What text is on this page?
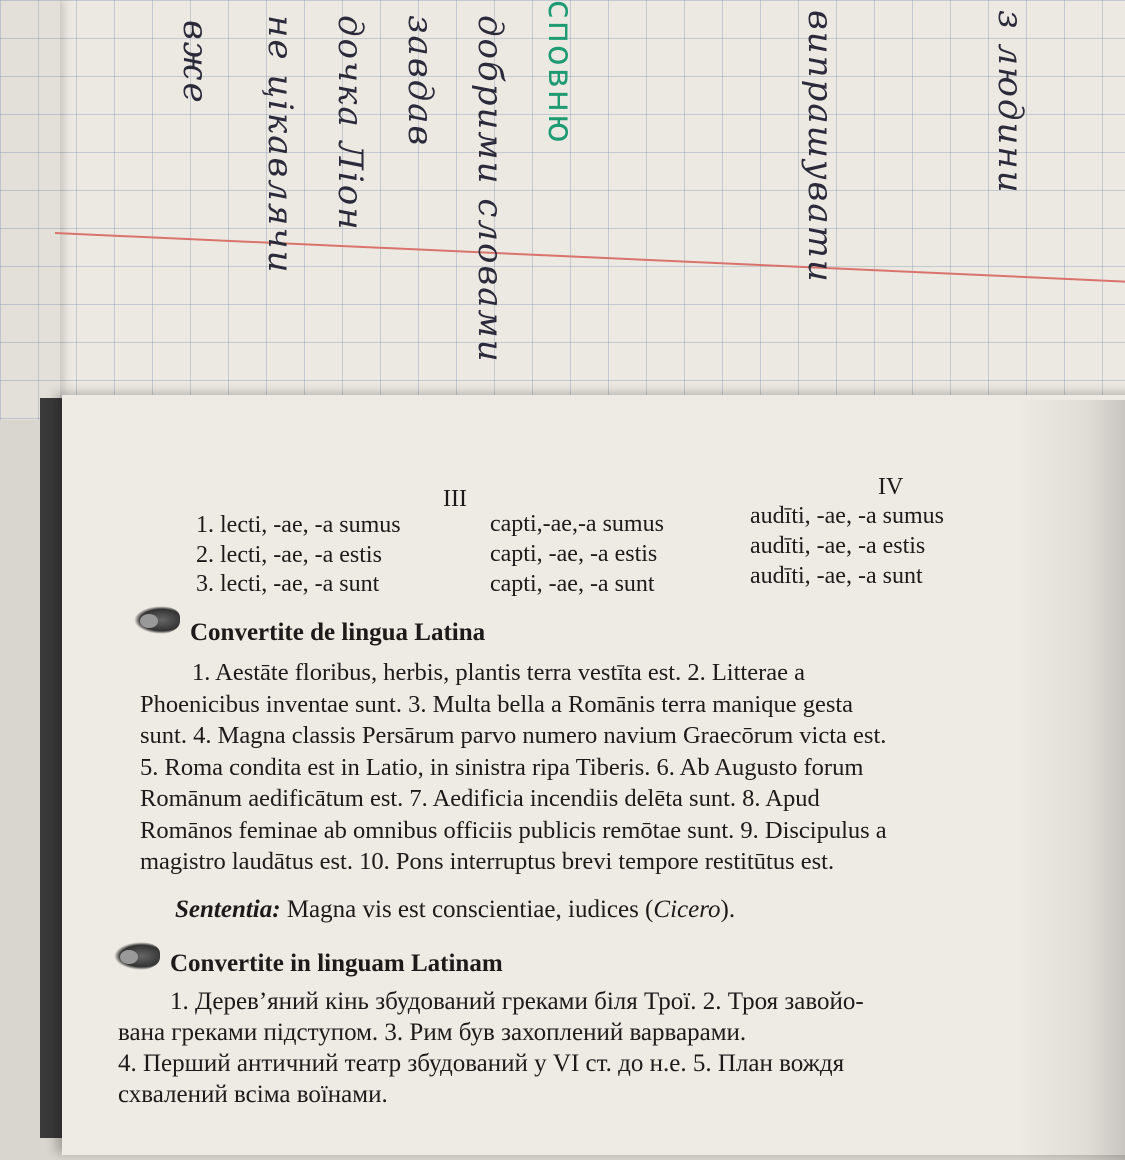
вже не цікавлячи дочка Ліон завдав добрими словами сповню	випрашувати	з людини
III	IV
1. lecti, -ae, -a sumus	capti,-ae,-a sumus	audīti, -ae, -a sumus
2. lecti, -ae, -a estis	capti, -ae, -a estis	audīti, -ae, -a estis
3. lecti, -ae, -a sunt	capti, -ae, -a sunt	audīti, -ae, -a sunt
Convertite de lingua Latina
1. Aestāte floribus, herbis, plantis terra vestīta est. 2. Litterae a
Phoenicibus inventae sunt. 3. Multa bella a Romānis terra manique gesta
sunt. 4. Magna classis Persārum parvo numero navium Graecōrum victa est.
5. Roma condita est in Latio, in sinistra ripa Tiberis. 6. Ab Augusto forum
Romānum aedificātum est. 7. Aedificia incendiis delēta sunt. 8. Apud
Romānos feminae ab omnibus officiis publicis remōtae sunt. 9. Discipulus a
magistro laudātus est. 10. Pons interruptus brevi tempore restitūtus est.
Sententia: Magna vis est conscientiae, iudices (Cicero).
Convertite in linguam Latinam
1. Дерев’яний кінь збудований греками біля Трої. 2. Троя завойо-
вана греками підступом. 3. Рим був захоплений варварами.
4. Перший античний театр збудований у VI ст. до н.е. 5. План вождя
схвалений всіма воїнами.
